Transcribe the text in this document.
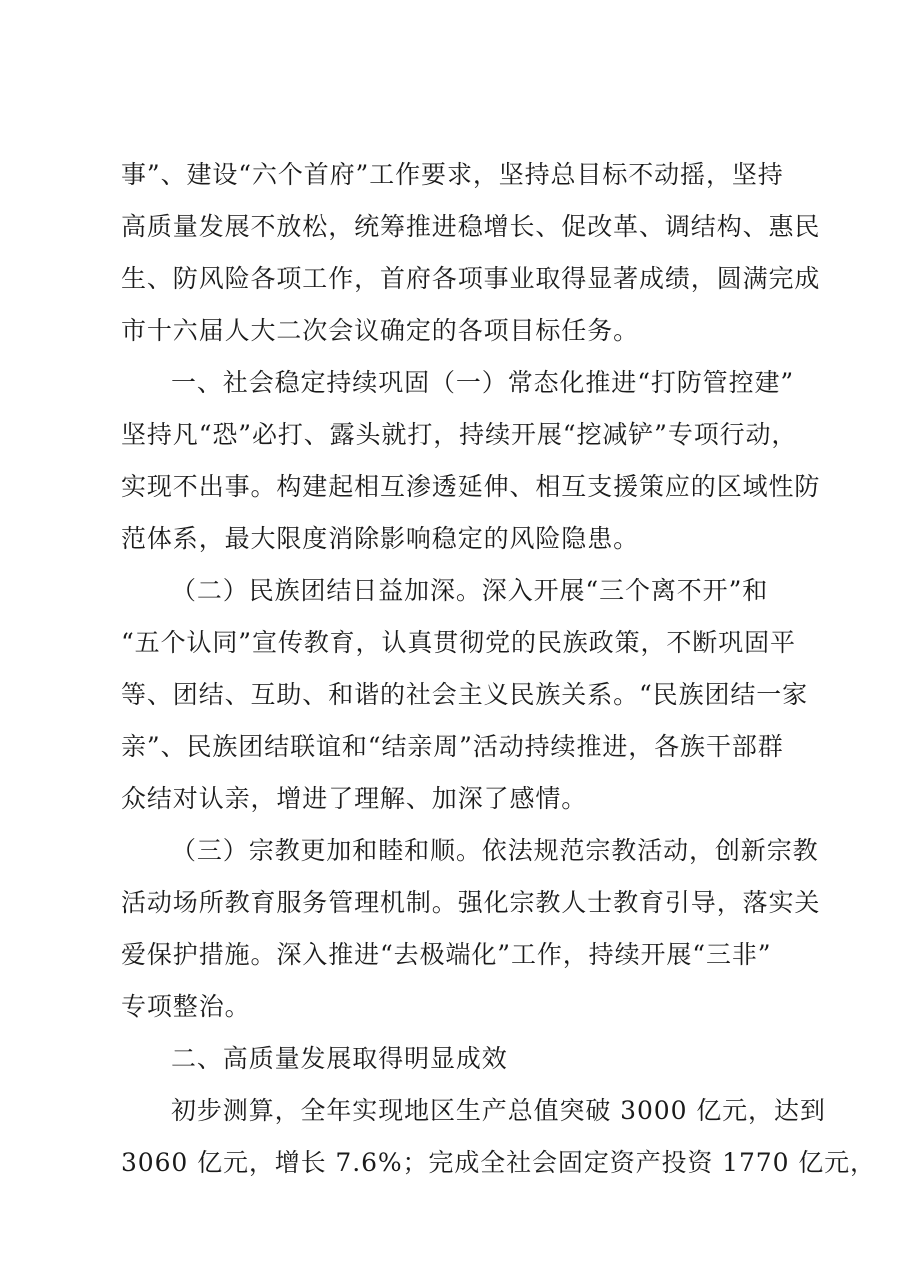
事”、建设“六个首府”工作要求，坚持总目标不动摇，坚持
高质量发展不放松，统筹推进稳增长、促改革、调结构、惠民
生、防风险各项工作，首府各项事业取得显著成绩，圆满完成
市十六届人大二次会议确定的各项目标任务。
一、社会稳定持续巩固（一）常态化推进“打防管控建”
坚持凡“恐”必打、露头就打，持续开展“挖减铲”专项行动，
实现不出事。构建起相互渗透延伸、相互支援策应的区域性防
范体系，最大限度消除影响稳定的风险隐患。
（二）民族团结日益加深。深入开展“三个离不开”和
“五个认同”宣传教育，认真贯彻党的民族政策，不断巩固平
等、团结、互助、和谐的社会主义民族关系。“民族团结一家
亲”、民族团结联谊和“结亲周”活动持续推进，各族干部群
众结对认亲，增进了理解、加深了感情。
（三）宗教更加和睦和顺。依法规范宗教活动，创新宗教
活动场所教育服务管理机制。强化宗教人士教育引导，落实关
爱保护措施。深入推进“去极端化”工作，持续开展“三非”
专项整治。
二、高质量发展取得明显成效
初步测算，全年实现地区生产总值突破 3000 亿元，达到
3060 亿元，增长 7.6%；完成全社会固定资产投资 1770 亿元，
